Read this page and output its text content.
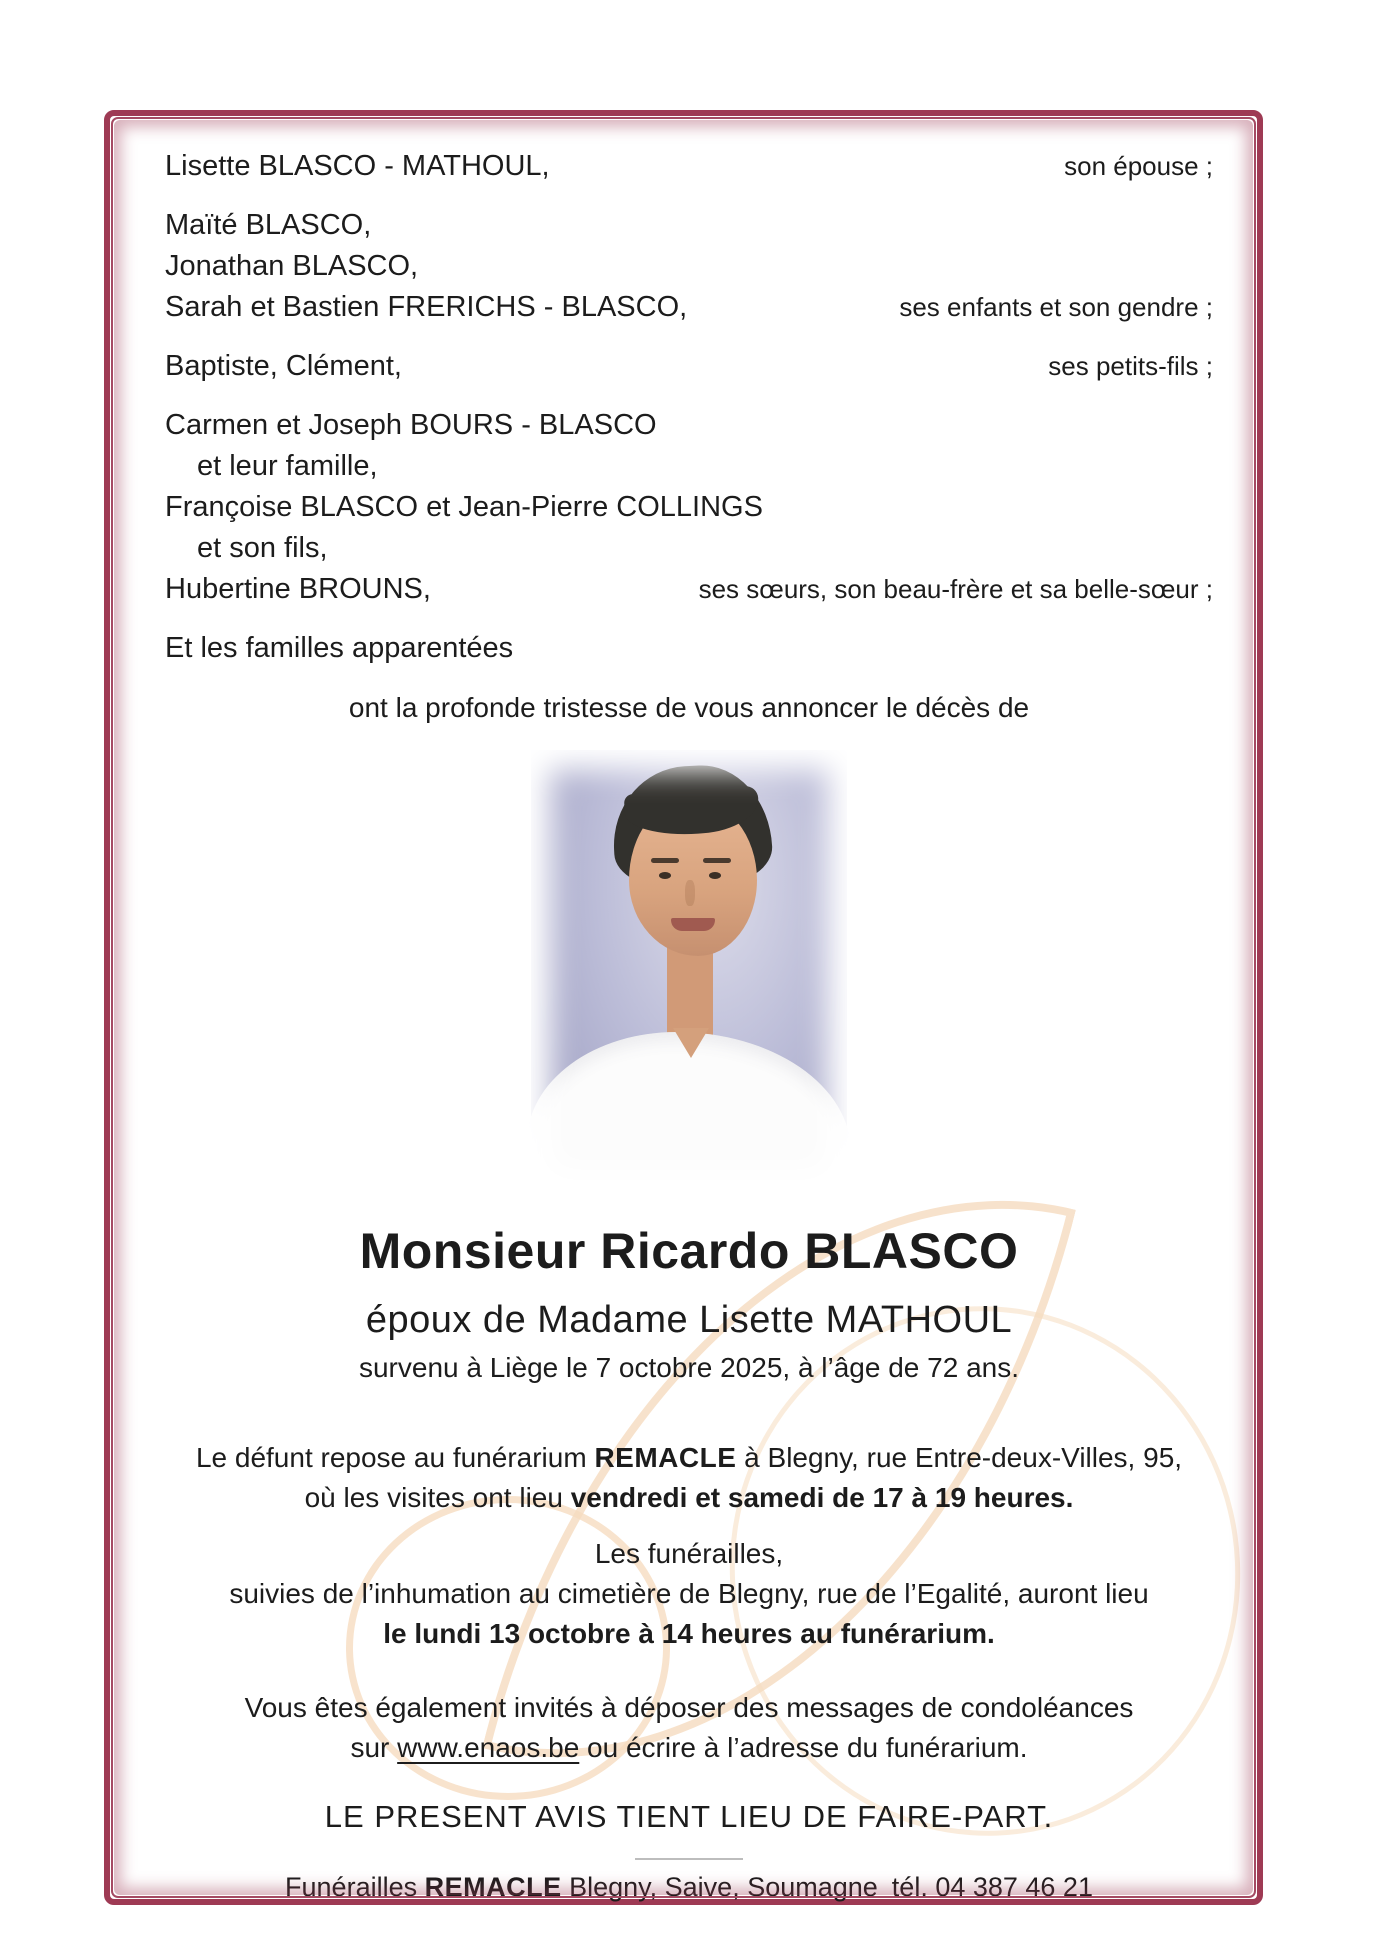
Lisette BLASCO - MATHOUL,	son épouse ;
Maïté BLASCO,
Jonathan BLASCO,
Sarah et Bastien FRERICHS - BLASCO,	ses enfants et son gendre ;
Baptiste, Clément,	ses petits-fils ;
Carmen et Joseph BOURS - BLASCO
et leur famille,
Françoise BLASCO et Jean-Pierre COLLINGS
et son fils,
Hubertine BROUNS,	ses sœurs, son beau-frère et sa belle-sœur ;
Et les familles apparentées

ont la profonde tristesse de vous annoncer le décès de

Monsieur Ricardo BLASCO
époux de Madame Lisette MATHOUL

survenu à Liège le 7 octobre 2025, à l’âge de 72 ans.

Le défunt repose au funérarium REMACLE à Blegny, rue Entre-deux-Villes, 95,

où les visites ont lieu vendredi et samedi de 17 à 19 heures.

Les funérailles,

suivies de l’inhumation au cimetière de Blegny, rue de l’Egalité, auront lieu

le lundi 13 octobre à 14 heures au funérarium.

Vous êtes également invités à déposer des messages de condoléances

sur www.enaos.be ou écrire à l’adresse du funérarium.

LE PRESENT AVIS TIENT LIEU DE FAIRE-PART.

Funérailles REMACLE Blegny, Saive, Soumagne tél. 04 387 46 21
